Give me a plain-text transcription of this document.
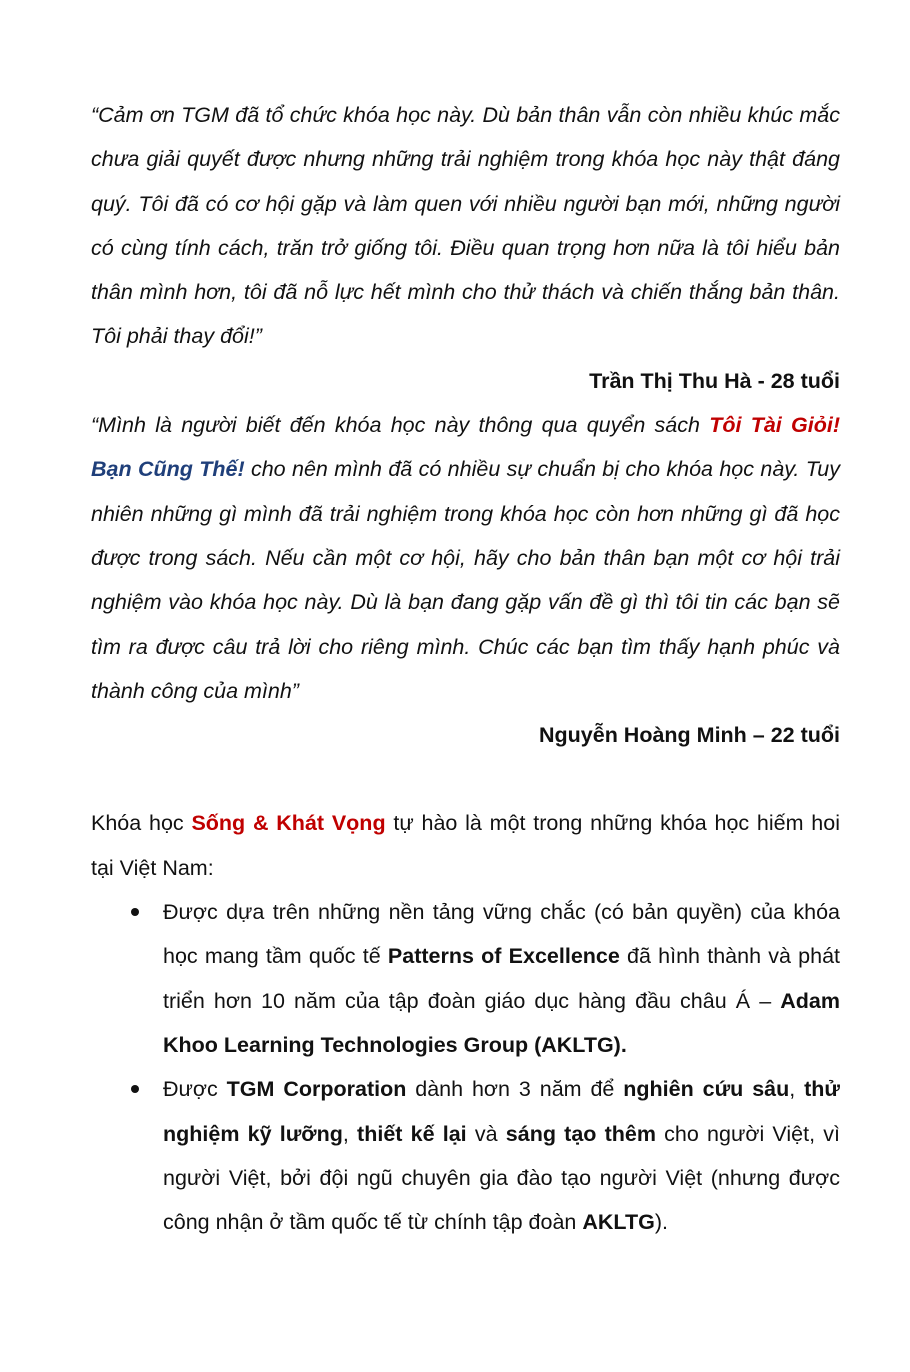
“Cảm ơn TGM đã tổ chức khóa học này. Dù bản thân vẫn còn nhiều khúc mắc chưa giải quyết được nhưng những trải nghiệm trong khóa học này thật đáng quý. Tôi đã có cơ hội gặp và làm quen với nhiều người bạn mới, những người có cùng tính cách, trăn trở giống tôi. Điều quan trọng hơn nữa là tôi hiểu bản thân mình hơn, tôi đã nỗ lực hết mình cho thử thách và chiến thắng bản thân. Tôi phải thay đổi!”

Trần Thị Thu Hà - 28 tuổi

“Mình là người biết đến khóa học này thông qua quyển sách Tôi Tài Giỏi! Bạn Cũng Thế! cho nên mình đã có nhiều sự chuẩn bị cho khóa học này. Tuy nhiên những gì mình đã trải nghiệm trong khóa học còn hơn những gì đã học được trong sách. Nếu cần một cơ hội, hãy cho bản thân bạn một cơ hội trải nghiệm vào khóa học này. Dù là bạn đang gặp vấn đề gì thì tôi tin các bạn sẽ tìm ra được câu trả lời cho riêng mình. Chúc các bạn tìm thấy hạnh phúc và thành công của mình”

Nguyễn Hoàng Minh – 22 tuổi

Khóa học Sống & Khát Vọng tự hào là một trong những khóa học hiếm hoi tại Việt Nam:

Được dựa trên những nền tảng vững chắc (có bản quyền) của khóa học mang tầm quốc tế Patterns of Excellence đã hình thành và phát triển hơn 10 năm của tập đoàn giáo dục hàng đầu châu Á – Adam Khoo Learning Technologies Group (AKLTG).
Được TGM Corporation dành hơn 3 năm để nghiên cứu sâu, thử nghiệm kỹ lưỡng, thiết kế lại và sáng tạo thêm cho người Việt, vì người Việt, bởi đội ngũ chuyên gia đào tạo người Việt (nhưng được công nhận ở tầm quốc tế từ chính tập đoàn AKLTG).
